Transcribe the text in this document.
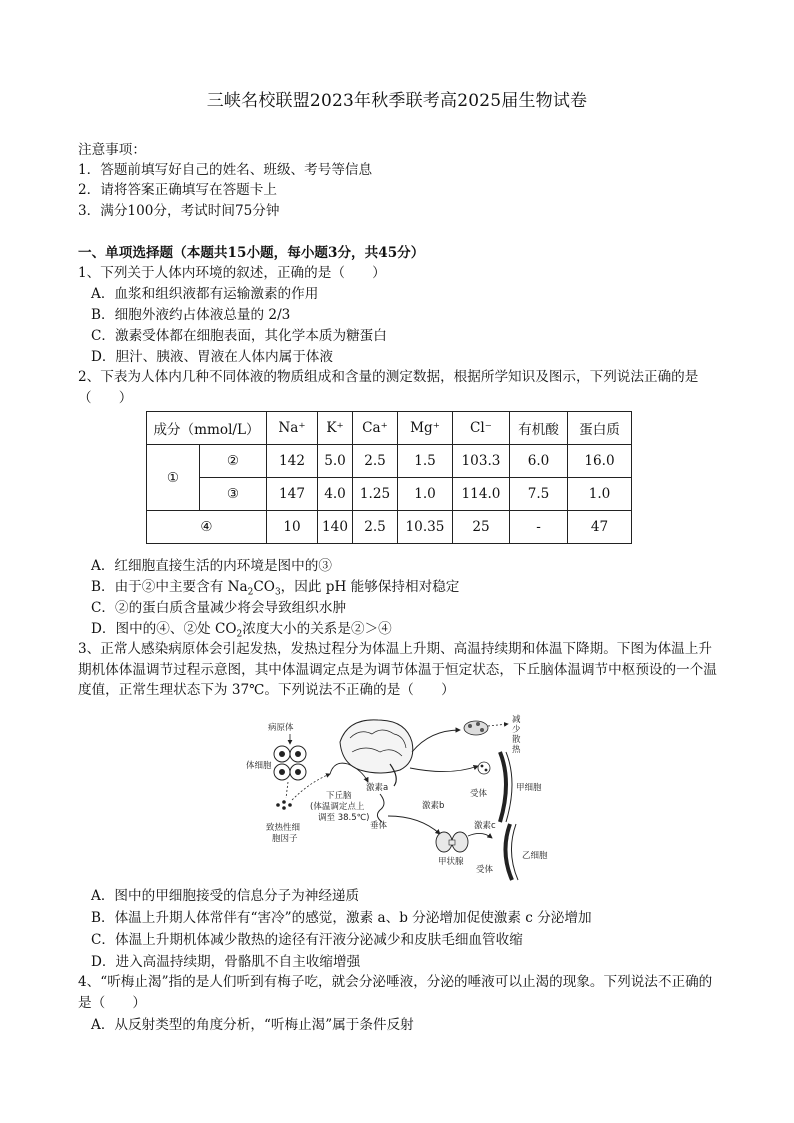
三峡名校联盟2023年秋季联考高2025届生物试卷
注意事项：
1．答题前填写好自己的姓名、班级、考号等信息
2．请将答案正确填写在答题卡上
3．满分100分，考试时间75分钟
一、单项选择题（本题共15小题，每小题3分，共45分）
1、下列关于人体内环境的叙述，正确的是（　　）
A．血浆和组织液都有运输激素的作用
B．细胞外液约占体液总量的 2/3
C．激素受体都在细胞表面，其化学本质为糖蛋白
D．胆汁、胰液、胃液在人体内属于体液
2、下表为人体内几种不同体液的物质组成和含量的测定数据，根据所学知识及图示，下列说法正确的是（　　）
成分（mmol/L）		Na⁺	K⁺	Ca⁺	Mg⁺	Cl⁻	有机酸	蛋白质
①	②	142	5.0	2.5	1.5	103.3	6.0	16.0
	③	147	4.0	1.25	1.0	114.0	7.5	1.0
④		10	140	2.5	10.35	25	-	47
A．红细胞直接生活的内环境是图中的③
B．由于②中主要含有 $Na_2CO_3$，因此 pH 能够保持相对稳定
C．②的蛋白质含量减少将会导致组织水肿
D．图中的④、②处 $CO_2$浓度大小的关系是②＞④
3、正常人感染病原体会引起发热，发热过程分为体温上升期、高温持续期和体温下降期。下图为体温上升期机体体温调节过程示意图，其中体温调定点是为调节体温于恒定状态，下丘脑体温调节中枢预设的一个温度值，正常生理状态下为 37℃。下列说法不正确的是（　　）
病原体
体细胞
致热性细
胞因子
下丘脑
(体温调定点上
调至 38.5℃)
激素a
垂体
减
少
散
热
甲细胞
受体
激素b
甲状腺
激素c
乙细胞
受体
A．图中的甲细胞接受的信息分子为神经递质
B．体温上升期人体常伴有“害冷”的感觉，激素 a、b 分泌增加促使激素 c 分泌增加
C．体温上升期机体减少散热的途径有汗液分泌减少和皮肤毛细血管收缩
D．进入高温持续期，骨骼肌不自主收缩增强
4、“听梅止渴”指的是人们听到有梅子吃，就会分泌唾液，分泌的唾液可以止渴的现象。下列说法不正确的是（　　）
A．从反射类型的角度分析，“听梅止渴”属于条件反射
